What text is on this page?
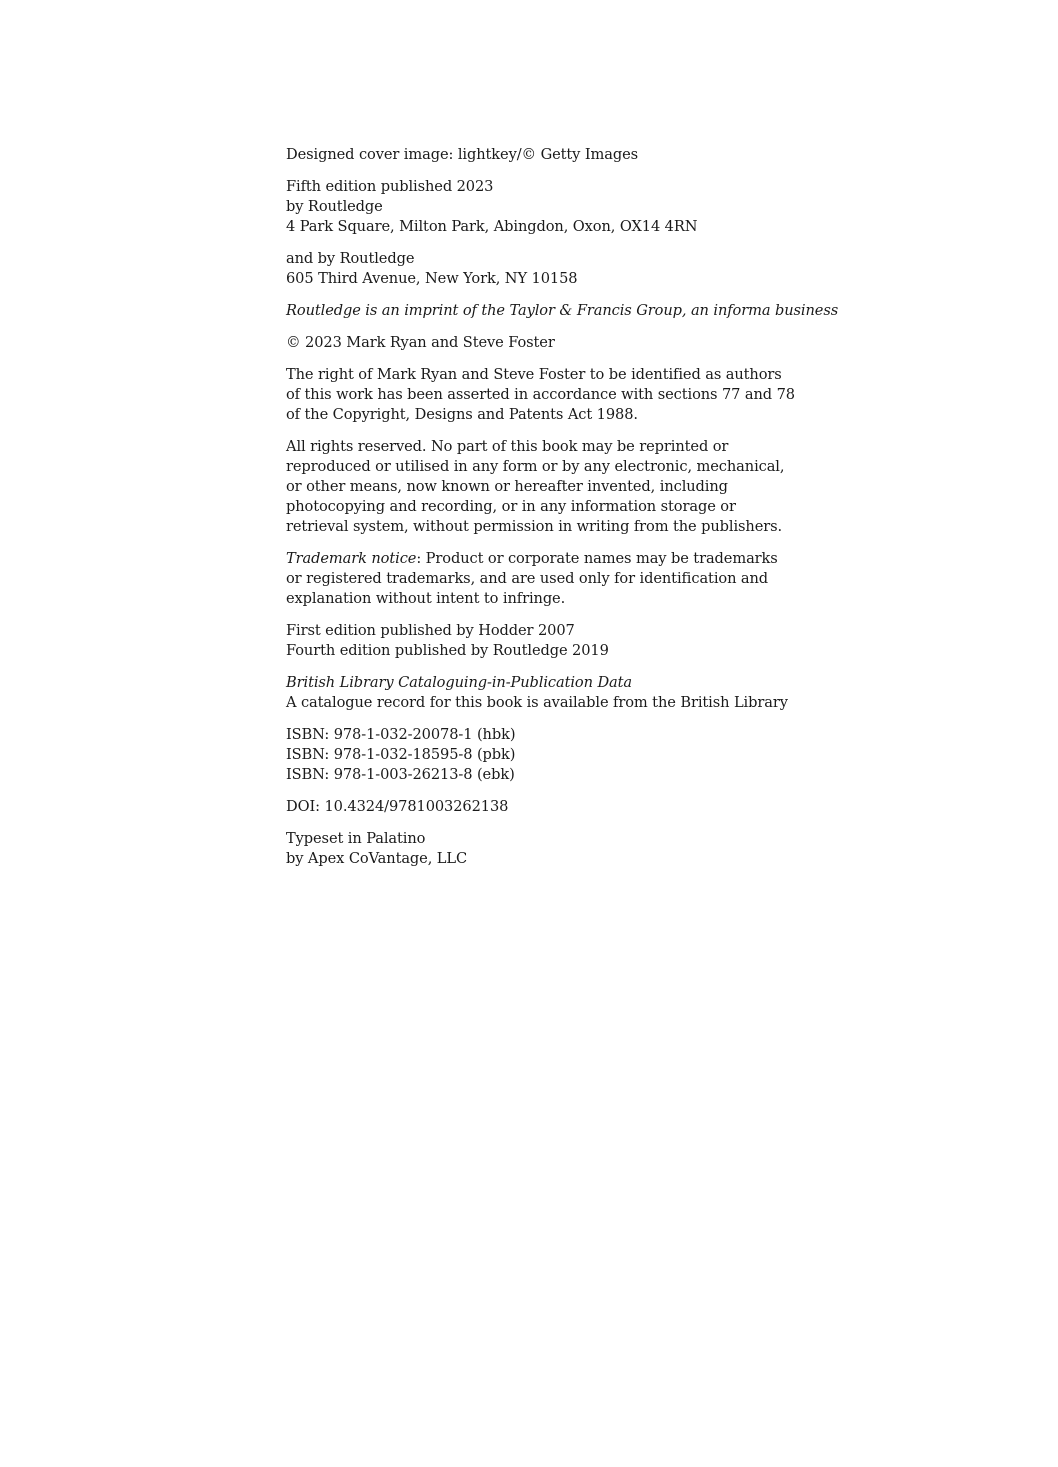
Designed cover image: lightkey/© Getty Images

Fifth edition published 2023
by Routledge
4 Park Square, Milton Park, Abingdon, Oxon, OX14 4RN

and by Routledge
605 Third Avenue, New York, NY 10158

Routledge is an imprint of the Taylor & Francis Group, an informa business

© 2023 Mark Ryan and Steve Foster

The right of Mark Ryan and Steve Foster to be identified as authors
of this work has been asserted in accordance with sections 77 and 78
of the Copyright, Designs and Patents Act 1988.

All rights reserved. No part of this book may be reprinted or
reproduced or utilised in any form or by any electronic, mechanical,
or other means, now known or hereafter invented, including
photocopying and recording, or in any information storage or
retrieval system, without permission in writing from the publishers.

Trademark notice: Product or corporate names may be trademarks
or registered trademarks, and are used only for identification and
explanation without intent to infringe.

First edition published by Hodder 2007
Fourth edition published by Routledge 2019

British Library Cataloguing-in-Publication Data
A catalogue record for this book is available from the British Library

ISBN: 978-1-032-20078-1 (hbk)
ISBN: 978-1-032-18595-8 (pbk)
ISBN: 978-1-003-26213-8 (ebk)

DOI: 10.4324/9781003262138

Typeset in Palatino
by Apex CoVantage, LLC
